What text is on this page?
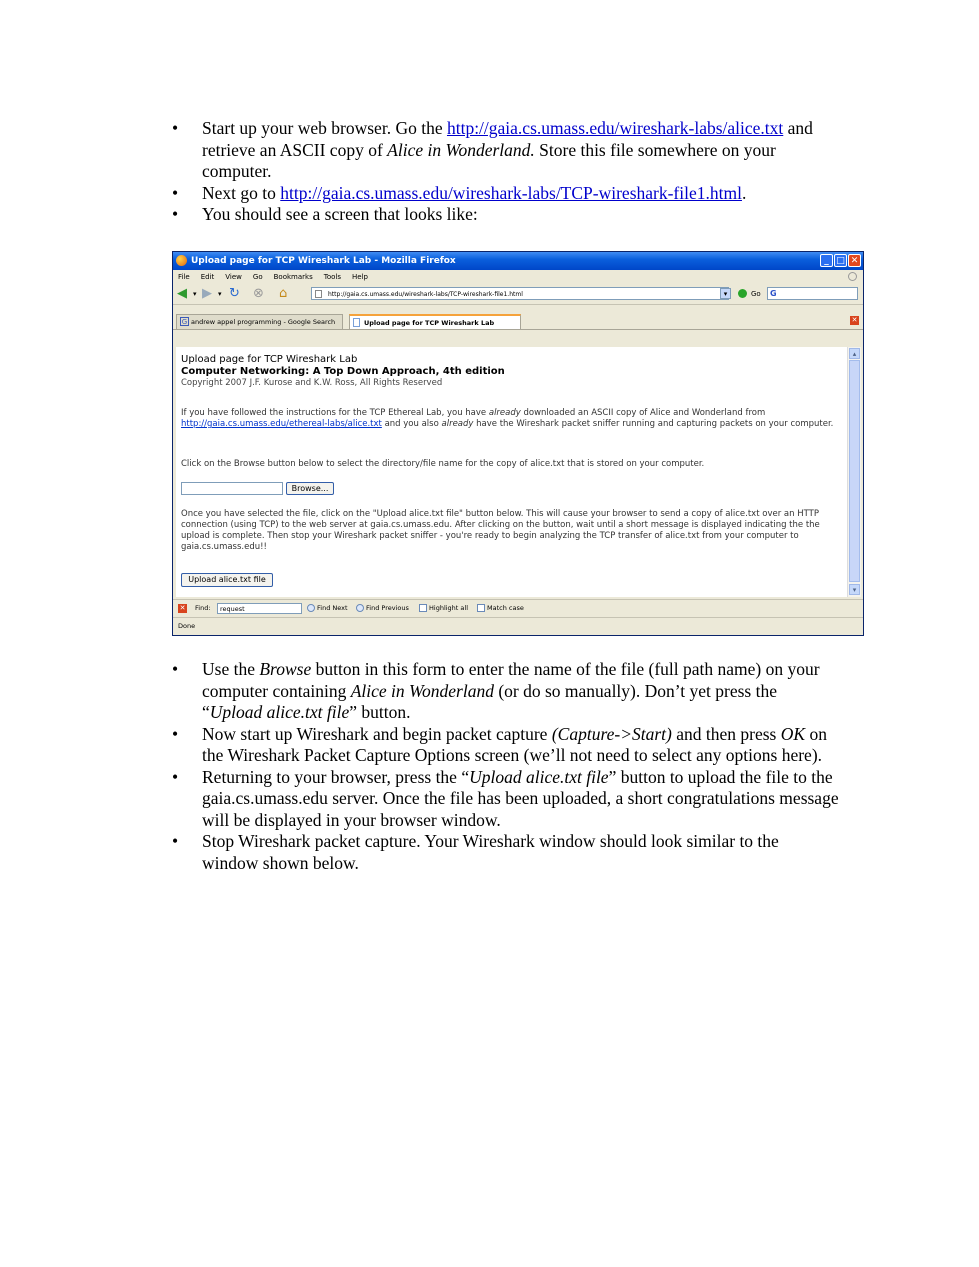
• Start up your web browser. Go the http://gaia.cs.umass.edu/wireshark-labs/alice.txt and retrieve an ASCII copy of Alice in Wonderland. Store this file somewhere on your computer.
• Next go to http://gaia.cs.umass.edu/wireshark-labs/TCP-wireshark-file1.html.
• You should see a screen that looks like:
Upload page for TCP Wireshark Lab - Mozilla Firefox	_ □ ✕
File Edit View Go Bookmarks Tools Help
◀ ▾ ▶ ▾ ↻ ⊗ ⌂	http://gaia.cs.umass.edu/wireshark-labs/TCP-wireshark-file1.html	▾	Go	G
G andrew appel programming - Google Search	Upload page for TCP Wireshark Lab	✕
Upload page for TCP Wireshark Lab
Computer Networking: A Top Down Approach, 4th edition
Copyright 2007 J.F. Kurose and K.W. Ross, All Rights Reserved
If you have followed the instructions for the TCP Ethereal Lab, you have already downloaded an ASCII copy of Alice and Wonderland from http://gaia.cs.umass.edu/ethereal-labs/alice.txt and you also already have the Wireshark packet sniffer running and capturing packets on your computer.
Click on the Browse button below to select the directory/file name for the copy of alice.txt that is stored on your computer.
Browse...
Once you have selected the file, click on the "Upload alice.txt file" button below. This will cause your browser to send a copy of alice.txt over an HTTP connection (using TCP) to the web server at gaia.cs.umass.edu. After clicking on the button, wait until a short message is displayed indicating the the upload is complete. Then stop your Wireshark packet sniffer - you're ready to begin analyzing the TCP transfer of alice.txt from your computer to gaia.cs.umass.edu!!
Upload alice.txt file
▴
▾
✕ Find:	request	Find Next	Find Previous	Highlight all	Match case
Done
• Use the Browse button in this form to enter the name of the file (full path name) on your computer containing Alice in Wonderland (or do so manually). Don’t yet press the “Upload alice.txt file” button.
• Now start up Wireshark and begin packet capture (Capture->Start) and then press OK on the Wireshark Packet Capture Options screen (we’ll not need to select any options here).
• Returning to your browser, press the “Upload alice.txt file” button to upload the file to the gaia.cs.umass.edu server. Once the file has been uploaded, a short congratulations message will be displayed in your browser window.
• Stop Wireshark packet capture. Your Wireshark window should look similar to the window shown below.
